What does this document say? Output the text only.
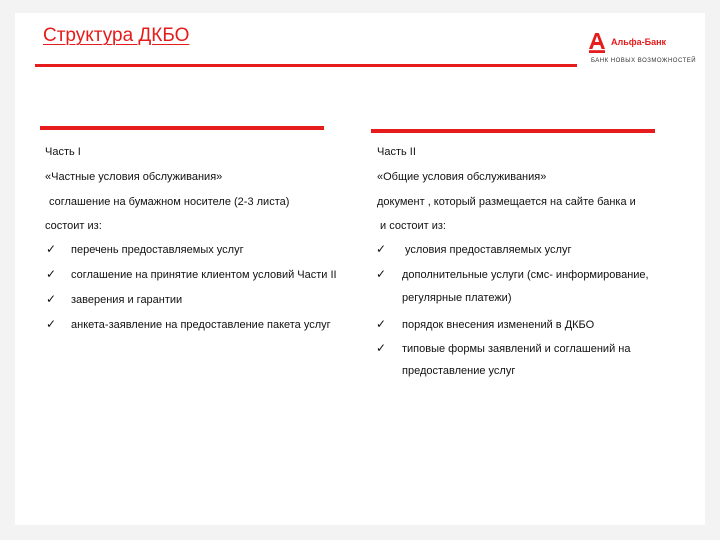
Структура ДКБО	Альфа-Банк
БАНК НОВЫХ ВОЗМОЖНОСТЕЙ
Часть I
«Частные условия обслуживания»
соглашение на бумажном носителе (2-3 листа)
состоит из:
✓ перечень предоставляемых услуг
✓ соглашение на принятие клиентом условий Части II
✓ заверения и гарантии
✓ анкета-заявление на предоставление пакета услуг
Часть II
«Общие условия обслуживания»
документ , который размещается на сайте банка и
и состоит из:
✓ условия предоставляемых услуг
✓ дополнительные услуги (смс- информирование,
регулярные платежи)
✓ порядок внесения изменений в ДКБО
✓ типовые формы заявлений и соглашений на
предоставление услуг
